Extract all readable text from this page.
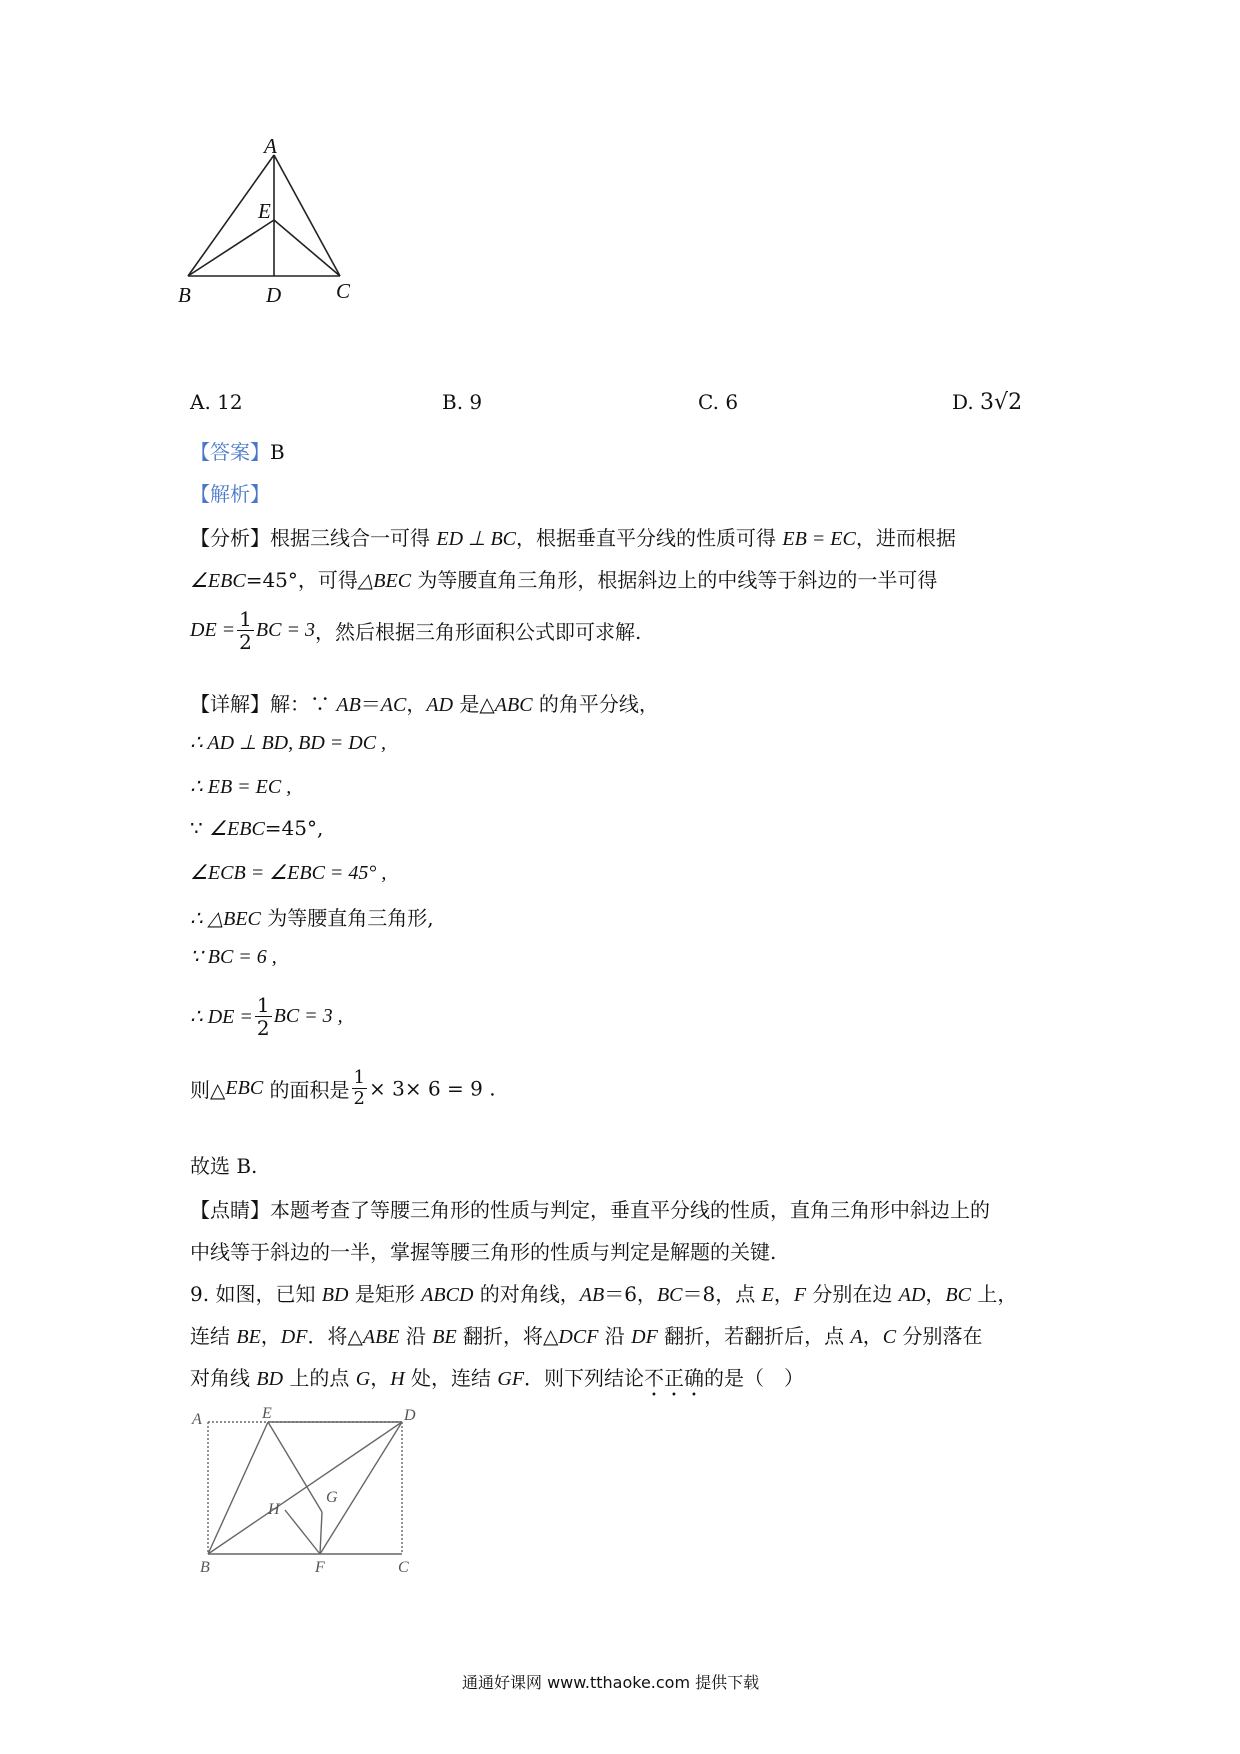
A
E
B	D	C
A. 12	B. 9	C. 6	D. 3√2
【答案】B
【解析】
【分析】根据三线合一可得 ED ⊥ BC，根据垂直平分线的性质可得 EB = EC，进而根据
∠EBC=45°，可得△BEC 为等腰直角三角形，根据斜边上的中线等于斜边的一半可得
DE = $\frac{1}{2}$ BC = 3，然后根据三角形面积公式即可求解.
【详解】解：∵ AB＝AC，AD 是△ABC 的角平分线，
∴ AD ⊥ BD, BD = DC ,
∴ EB = EC ,
∵ ∠EBC=45°,
∠ECB = ∠EBC = 45° ,
∴ △BEC 为等腰直角三角形,
∵ BC = 6 ,
∴ DE = $\frac{1}{2}$ BC = 3 ,
则△EBC 的面积是 $\frac{1}{2} \times 3\times 6 = 9$ .
故选 B.
【点睛】本题考查了等腰三角形的性质与判定，垂直平分线的性质，直角三角形中斜边上的
中线等于斜边的一半，掌握等腰三角形的性质与判定是解题的关键.
9. 如图，已知 BD 是矩形 ABCD 的对角线，AB＝6，BC＝8，点 E，F 分别在边 AD，BC 上，
连结 BE，DF．将△ABE 沿 BE 翻折，将△DCF 沿 DF 翻折，若翻折后，点 A，C 分别落在
对角线 BD 上的点 G，H 处，连结 GF．则下列结论不正确的是（　）
A	E	D
G
H
B	F	C
通通好课网 www.tthaoke.com 提供下载
